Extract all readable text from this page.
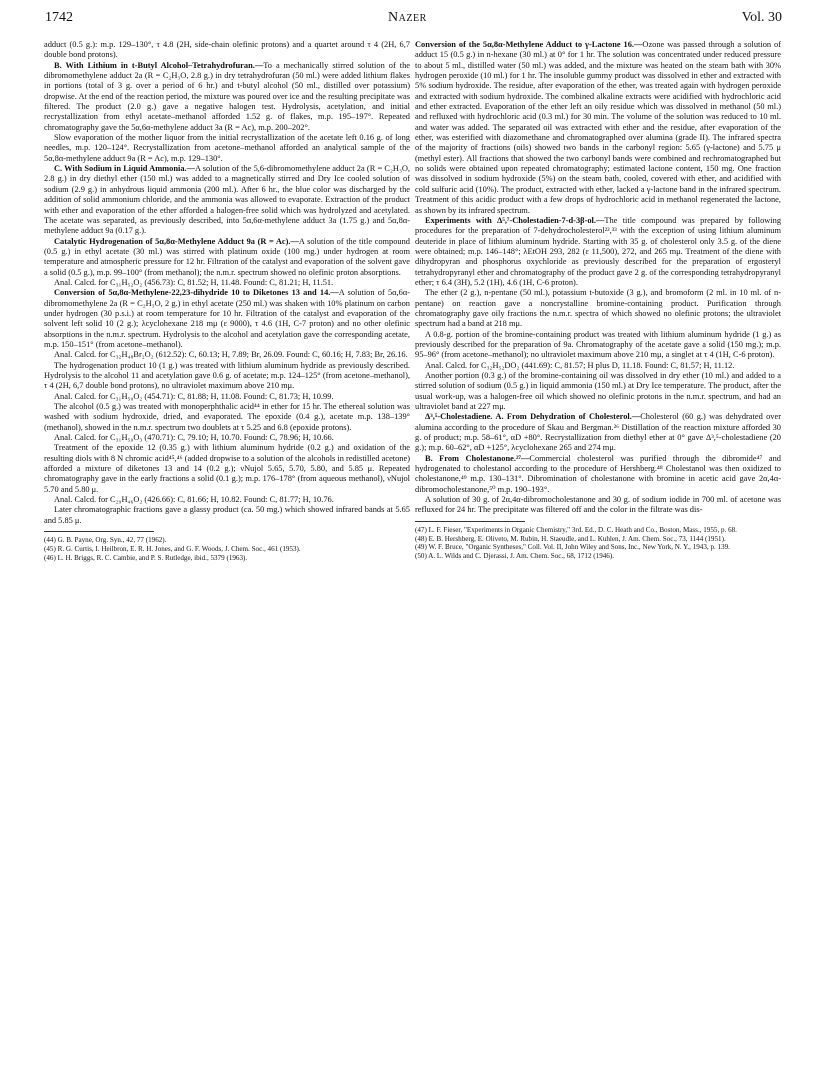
1742	Nazer	Vol. 30

adduct (0.5 g.): m.p. 129–130°, τ 4.8 (2H, side-chain olefinic protons) and a quartet around τ 4 (2H, 6,7 double bond protons).

B. With Lithium in t-Butyl Alcohol–Tetrahydrofuran.—To a mechanically stirred solution of the dibromomethylene adduct 2a (R = C₂H₃O, 2.8 g.) in dry tetrahydrofuran (50 ml.) were added lithium flakes in portions (total of 3 g. over a period of 6 hr.) and t-butyl alcohol (50 ml., distilled over potassium) dropwise. At the end of the reaction period, the mixture was poured over ice and the resulting precipitate was filtered. The product (2.0 g.) gave a negative halogen test. Hydrolysis, acetylation, and initial recrystallization from ethyl acetate–methanol afforded 1.52 g. of flakes, m.p. 195–197°. Repeated chromatography gave the 5α,6α-methylene adduct 3a (R = Ac), m.p. 200–202°.

Slow evaporation of the mother liquor from the initial recrystallization of the acetate left 0.16 g. of long needles, m.p. 120–124°. Recrystallization from acetone–methanol afforded an analytical sample of the 5α,8α-methylene adduct 9a (R = Ac), m.p. 129–130°.

C. With Sodium in Liquid Ammonia.—A solution of the 5,6-dibromomethylene adduct 2a (R = C₂H₃O, 2.8 g.) in dry diethyl ether (150 ml.) was added to a magnetically stirred and Dry Ice cooled solution of sodium (2.9 g.) in anhydrous liquid ammonia (200 ml.). After 6 hr., the blue color was discharged by the addition of solid ammonium chloride, and the ammonia was allowed to evaporate. Extraction of the product with ether and evaporation of the ether afforded a halogen-free solid which was hydrolyzed and acetylated. The acetate was separated, as previously described, into 5α,6α-methylene adduct 3a (1.75 g.) and 5α,8α-methylene adduct 9a (0.17 g.).

Catalytic Hydrogenation of 5α,8α-Methylene Adduct 9a (R = Ac).—A solution of the title compound (0.5 g.) in ethyl acetate (30 ml.) was stirred with platinum oxide (100 mg.) under hydrogen at room temperature and atmospheric pressure for 12 hr. Filtration of the catalyst and evaporation of the solvent gave a solid (0.5 g.), m.p. 99–100° (from methanol); the n.m.r. spectrum showed no olefinic proton absorptions.

Anal. Calcd. for C₃₁H₅₂O₂ (456.73): C, 81.52; H, 11.48. Found: C, 81.21; H, 11.51.

Conversion of 5α,8α-Methylene-22,23-dihydride 10 to Diketones 13 and 14.—A solution of 5α,6α-dibromomethylene 2a (R = C₂H₃O, 2 g.) in ethyl acetate (250 ml.) was shaken with 10% platinum on carbon under hydrogen (30 p.s.i.) at room temperature for 10 hr. Filtration of the catalyst and evaporation of the solvent left solid 10 (2 g.); λcyclohexane 218 mμ (ε 9000), τ 4.6 (1H, C-7 proton) and no other olefinic absorptions in the n.m.r. spectrum. Hydrolysis to the alcohol and acetylation gave the corresponding acetate, m.p. 150–151° (from acetone–methanol).

Anal. Calcd. for C₃₂H₄₈Br₂O₂ (612.52): C, 60.13; H, 7.89; Br, 26.09. Found: C, 60.16; H, 7.83; Br, 26.16.

The hydrogenation product 10 (1 g.) was treated with lithium aluminum hydride as previously described. Hydrolysis to the alcohol 11 and acetylation gave 0.6 g. of acetate; m.p. 124–125° (from acetone–methanol), τ 4 (2H, 6,7 double bond protons), no ultraviolet maximum above 210 mμ.

Anal. Calcd. for C₃₁H₅₀O₂ (454.71): C, 81.88; H, 11.08. Found: C, 81.73; H, 10.99.

The alcohol (0.5 g.) was treated with monoperphthalic acid⁴⁴ in ether for 15 hr. The ethereal solution was washed with sodium hydroxide, dried, and evaporated. The epoxide (0.4 g.), acetate m.p. 138–139° (methanol), showed in the n.m.r. spectrum two doublets at τ 5.25 and 6.8 (epoxide protons).

Anal. Calcd. for C₃₁H₅₀O₃ (470.71): C, 79.10; H, 10.70. Found: C, 78.96; H, 10.66.

Treatment of the epoxide 12 (0.35 g.) with lithium aluminum hydride (0.2 g.) and oxidation of the resulting diols with 8 N chromic acid⁴⁵,⁴⁶ (added dropwise to a solution of the alcohols in redistilled acetone) afforded a mixture of diketones 13 and 14 (0.2 g.); νNujol 5.65, 5.70, 5.80, and 5.85 μ. Repeated chromatography gave in the early fractions a solid (0.1 g.); m.p. 176–178° (from aqueous methanol), νNujol 5.70 and 5.80 μ.

Anal. Calcd. for C₂₉H₄₆O₂ (426.66): C, 81.66; H, 10.82. Found: C, 81.77; H, 10.76.

Later chromatographic fractions gave a glassy product (ca. 50 mg.) which showed infrared bands at 5.65 and 5.85 μ.

(44) G. B. Payne, Org. Syn., 42, 77 (1962).

(45) R. G. Curtis, I. Heilbron, E. R. H. Jones, and G. F. Woods, J. Chem. Soc., 461 (1953).

(46) L. H. Briggs, R. C. Cambie, and P. S. Rutledge, ibid., 5379 (1963).

Conversion of the 5α,8α-Methylene Adduct to γ-Lactone 16.—Ozone was passed through a solution of adduct 15 (0.5 g.) in n-hexane (30 ml.) at 0° for 1 hr. The solution was concentrated under reduced pressure to about 5 ml., distilled water (50 ml.) was added, and the mixture was heated on the steam bath with 30% hydrogen peroxide (10 ml.) for 1 hr. The insoluble gummy product was dissolved in ether and extracted with 5% sodium hydroxide. The residue, after evaporation of the ether, was treated again with hydrogen peroxide and extracted with sodium hydroxide. The combined alkaline extracts were acidified with hydrochloric acid and ether extracted. Evaporation of the ether left an oily residue which was dissolved in methanol (50 ml.) and refluxed with hydrochloric acid (0.3 ml.) for 30 min. The volume of the solution was reduced to 10 ml. and water was added. The separated oil was extracted with ether and the residue, after evaporation of the ether, was esterified with diazomethane and chromatographed over alumina (grade II). The infrared spectra of the majority of fractions (oils) showed two bands in the carbonyl region: 5.65 (γ-lactone) and 5.75 μ (methyl ester). All fractions that showed the two carbonyl bands were combined and rechromatographed but no solids were obtained upon repeated chromatography; estimated lactone content, 150 mg. One fraction was dissolved in sodium hydroxide (5%) on the steam bath, cooled, covered with ether, and acidified with cold sulfuric acid (10%). The product, extracted with ether, lacked a γ-lactone band in the infrared spectrum. Treatment of this acidic product with a few drops of hydrochloric acid in methanol regenerated the lactone, as shown by its infrared spectrum.

Experiments with Δ⁵,⁷-Cholestadien-7-d-3β-ol.—The title compound was prepared by following procedures for the preparation of 7-dehydrocholesterol²²,³³ with the exception of using lithium aluminum deuteride in place of lithium aluminum hydride. Starting with 35 g. of cholesterol only 3.5 g. of the diene were obtained; m.p. 146–148°; λEtOH 293, 282 (ε 11,500), 272, and 265 mμ. Treatment of the diene with dihydropyran and phosphorus oxychloride as previously described for the preparation of ergosteryl tetrahydropyranyl ether and chromatography of the product gave 2 g. of the corresponding tetrahydropyranyl ether; τ 6.4 (3H), 5.2 (1H), 4.6 (1H, C-6 proton).

The ether (2 g.), n-pentane (50 ml.), potassium t-butoxide (3 g.), and bromoform (2 ml. in 10 ml. of n-pentane) on reaction gave a noncrystalline bromine-containing product. Purification through chromatography gave oily fractions the n.m.r. spectra of which showed no olefinic protons; the ultraviolet spectrum had a band at 218 mμ.

A 0.8-g. portion of the bromine-containing product was treated with lithium aluminum hydride (1 g.) as previously described for the preparation of 9a. Chromatography of the acetate gave a solid (150 mg.); m.p. 95–96° (from acetone–methanol); no ultraviolet maximum above 210 mμ, a singlet at τ 4 (1H, C-6 proton).

Anal. Calcd. for C₃₂H₅₂DO₂ (441.69): C, 81.57; H plus D, 11.18. Found: C, 81.57; H, 11.12.

Another portion (0.3 g.) of the bromine-containing oil was dissolved in dry ether (10 ml.) and added to a stirred solution of sodium (0.5 g.) in liquid ammonia (150 ml.) at Dry Ice temperature. The product, after the usual work-up, was a halogen-free oil which showed no olefinic protons in the n.m.r. spectrum, and had an ultraviolet band at 227 mμ.

Δ³,⁵-Cholestadiene. A. From Dehydration of Cholesterol.—Cholesterol (60 g.) was dehydrated over alumina according to the procedure of Skau and Bergman.²⁶ Distillation of the reaction mixture afforded 30 g. of product; m.p. 58–61°, αD +80°. Recrystallization from diethyl ether at 0° gave Δ³,⁵-cholestadiene (20 g.); m.p. 60–62°, αD +125°, λcyclohexane 265 and 274 mμ.

B. From Cholestanone.²⁷—Commercial cholesterol was purified through the dibromide⁴⁷ and hydrogenated to cholestanol according to the procedure of Hershberg.⁴⁸ Cholestanol was then oxidized to cholestanone,⁴⁹ m.p. 130–131°. Dibromination of cholestanone with bromine in acetic acid gave 2α,4α-dibromocholestanone,⁵⁰ m.p. 190–193°.

A solution of 30 g. of 2α,4α-dibromocholestanone and 30 g. of sodium iodide in 700 ml. of acetone was refluxed for 24 hr. The precipitate was filtered off and the color in the filtrate was dis-

(47) L. F. Fieser, "Experiments in Organic Chemistry," 3rd. Ed., D. C. Heath and Co., Boston, Mass., 1955, p. 68.

(48) E. B. Hershberg, E. Oliveto, M. Rubin, H. Staeudle, and L. Kuhlen, J. Am. Chem. Soc., 73, 1144 (1951).

(49) W. F. Bruce, "Organic Syntheses," Coll. Vol. II, John Wiley and Sons, Inc., New York, N. Y., 1943, p. 139.

(50) A. L. Wilds and C. Djerassi, J. Am. Chem. Soc., 68, 1712 (1946).
